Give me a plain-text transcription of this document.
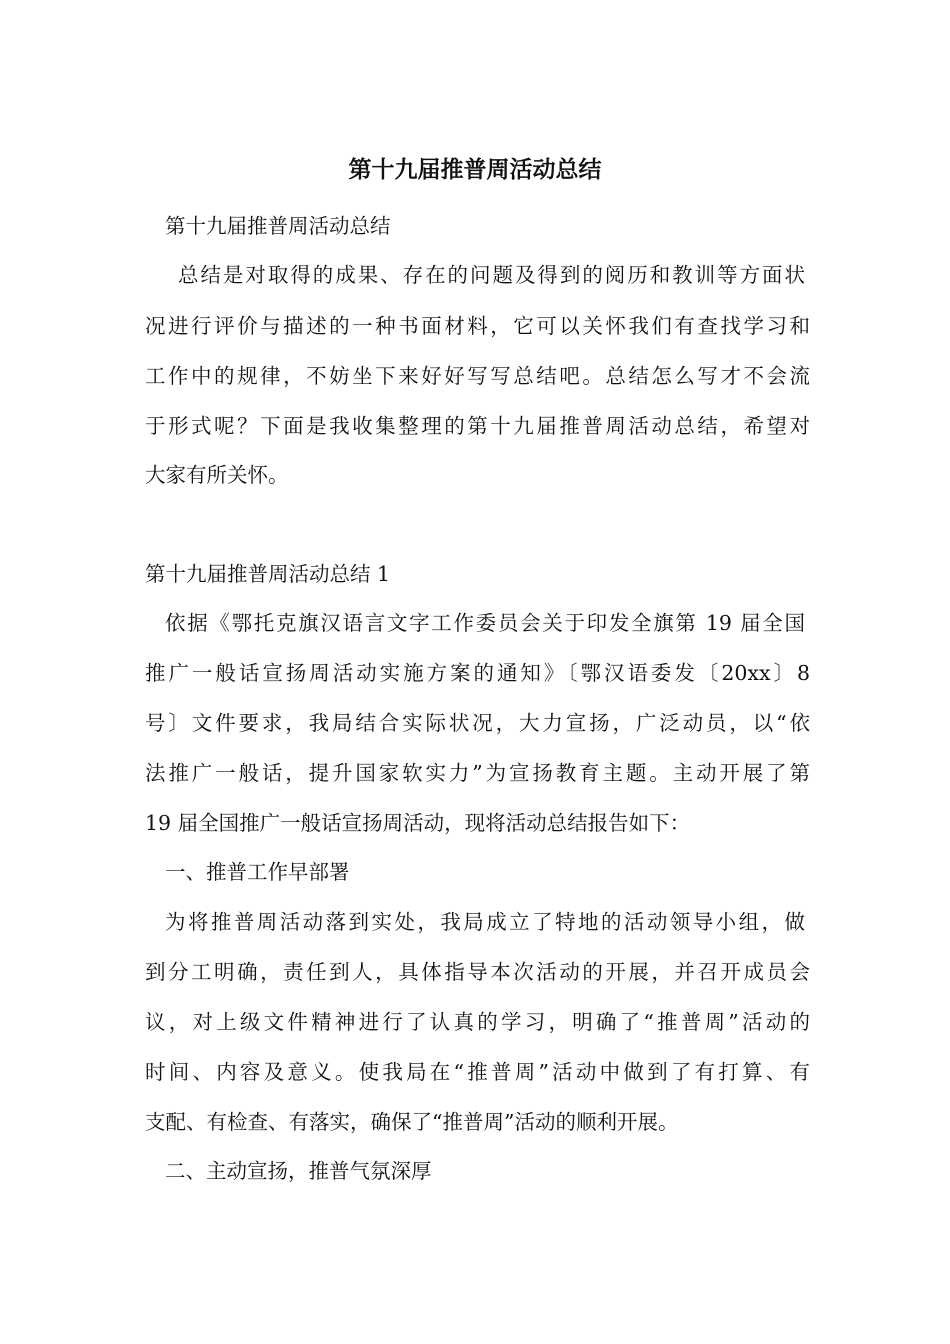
第十九届推普周活动总结
第十九届推普周活动总结
总结是对取得的成果、存在的问题及得到的阅历和教训等方面状
况进行评价与描述的一种书面材料，它可以关怀我们有查找学习和
工作中的规律，不妨坐下来好好写写总结吧。总结怎么写才不会流
于形式呢？下面是我收集整理的第十九届推普周活动总结，希望对
大家有所关怀。
第十九届推普周活动总结 1
依据《鄂托克旗汉语言文字工作委员会关于印发全旗第 19 届全国
推广一般话宣扬周活动实施方案的通知》〔鄂汉语委发〔20xx〕8
号〕文件要求，我局结合实际状况，大力宣扬，广泛动员，以“依
法推广一般话，提升国家软实力”为宣扬教育主题。主动开展了第
19 届全国推广一般话宣扬周活动，现将活动总结报告如下：
一、推普工作早部署
为将推普周活动落到实处，我局成立了特地的活动领导小组，做
到分工明确，责任到人，具体指导本次活动的开展，并召开成员会
议，对上级文件精神进行了认真的学习，明确了“推普周”活动的
时间、内容及意义。使我局在“推普周”活动中做到了有打算、有
支配、有检查、有落实，确保了“推普周”活动的顺利开展。
二、主动宣扬，推普气氛深厚
